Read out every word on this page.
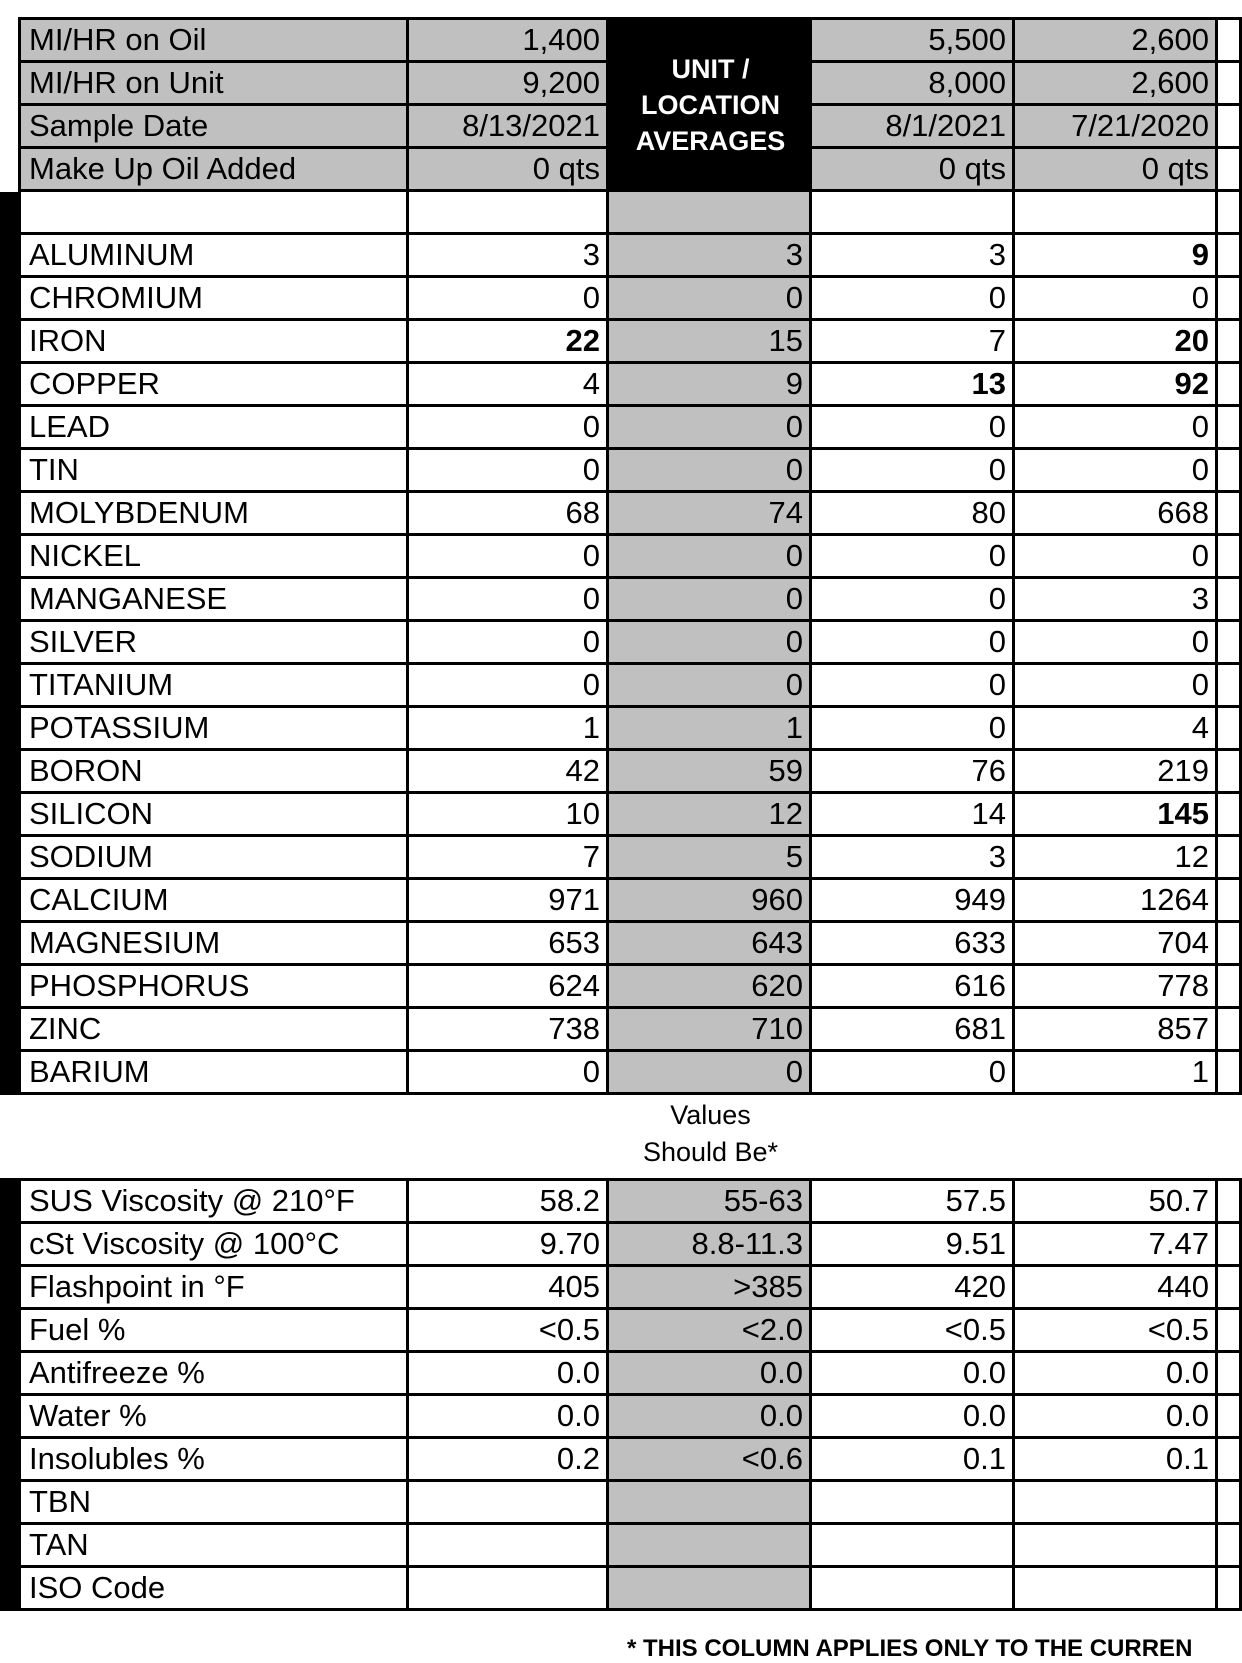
UNIT /
LOCATION
AVERAGES
Values
Should Be*
* THIS COLUMN APPLIES ONLY TO THE CURREN
MI/HR on Oil	1,400	5,500	2,600
MI/HR on Unit	9,200	8,000	2,600
Sample Date	8/13/2021	8/1/2021	7/21/2020
Make Up Oil Added	0 qts	0 qts	0 qts
ALUMINUM	3	3	3	9
CHROMIUM	0	0	0	0
IRON	22	15	7	20
COPPER	4	9	13	92
LEAD	0	0	0	0
TIN	0	0	0	0
MOLYBDENUM	68	74	80	668
NICKEL	0	0	0	0
MANGANESE	0	0	0	3
SILVER	0	0	0	0
TITANIUM	0	0	0	0
POTASSIUM	1	1	0	4
BORON	42	59	76	219
SILICON	10	12	14	145
SODIUM	7	5	3	12
CALCIUM	971	960	949	1264
MAGNESIUM	653	643	633	704
PHOSPHORUS	624	620	616	778
ZINC	738	710	681	857
BARIUM	0	0	0	1
SUS Viscosity @ 210°F	58.2	55-63	57.5	50.7
cSt Viscosity @ 100°C	9.70	8.8-11.3	9.51	7.47
Flashpoint in °F	405	>385	420	440
Fuel %	<0.5	<2.0	<0.5	<0.5
Antifreeze %	0.0	0.0	0.0	0.0
Water %	0.0	0.0	0.0	0.0
Insolubles %	0.2	<0.6	0.1	0.1
TBN
TAN
ISO Code
